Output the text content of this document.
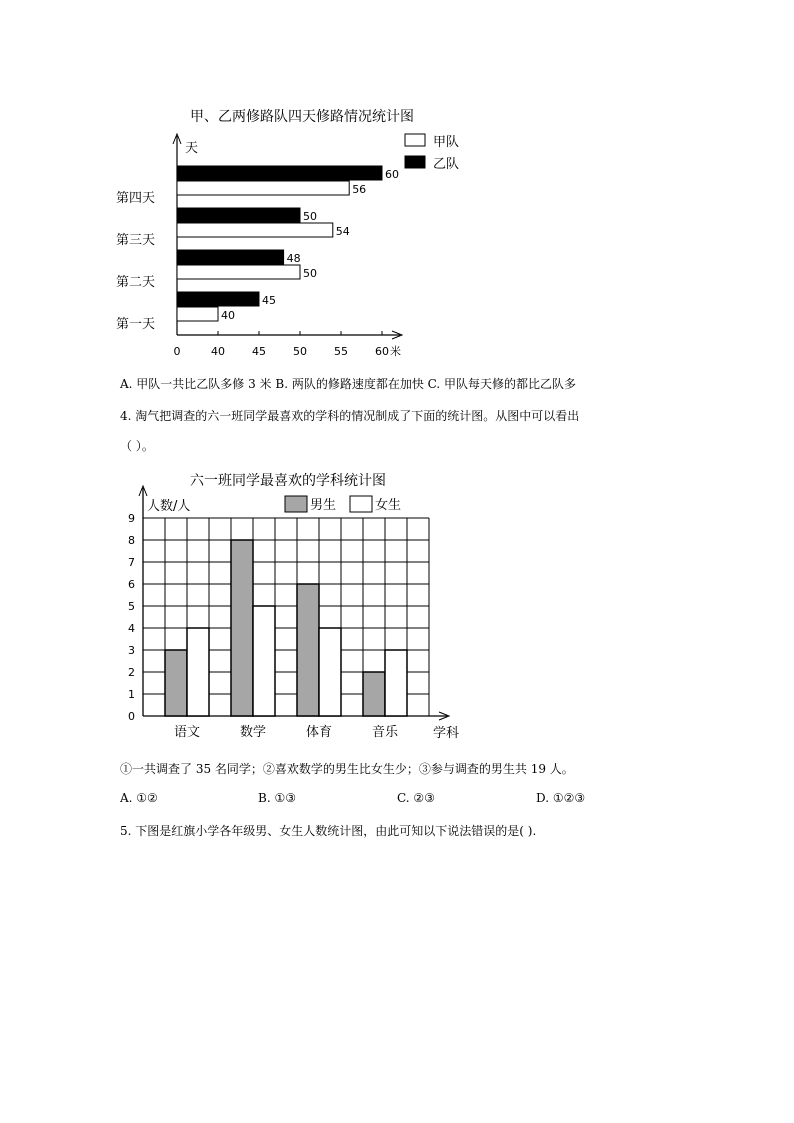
甲、乙两修路队四天修路情况统计图
天
0	40 45 50 55 60 米
第一天
45
40
第二天
48
50
第三天
50
54
第四天
60
56
甲队
乙队
A. 甲队一共比乙队多修 3 米 B. 两队的修路速度都在加快 C. 甲队每天修的都比乙队多
4. 淘气把调查的六一班同学最喜欢的学科的情况制成了下面的统计图。从图中可以看出
（ ）。
六一班同学最喜欢的学科统计图
人数/人
学科
0
1
2
3
4
5
6
7
8
9
语文	数学	体育	音乐
男生	女生
①一共调查了 35 名同学；②喜欢数学的男生比女生少；③参与调查的男生共 19 人。
A. ①②	B. ①③	C. ②③	D. ①②③
5. 下图是红旗小学各年级男、女生人数统计图，由此可知以下说法错误的是( ).
